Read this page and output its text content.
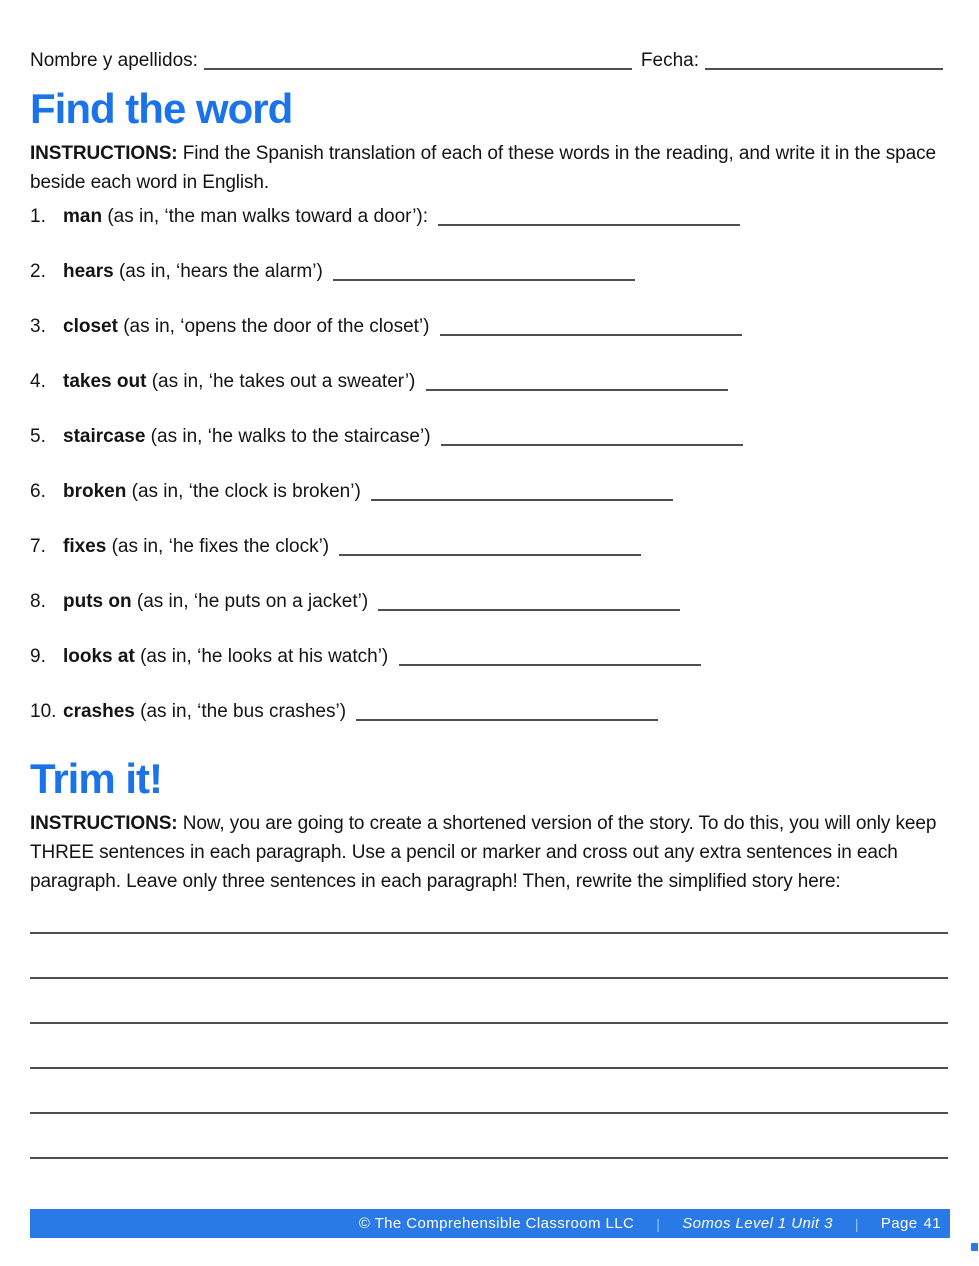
Nombre y apellidos:	Fecha:
Find the word

INSTRUCTIONS: Find the Spanish translation of each of these words in the reading, and write it in the space beside each word in English.

1. man (as in, ‘the man walks toward a door’):
2. hears (as in, ‘hears the alarm’)
3. closet (as in, ‘opens the door of the closet’)
4. takes out (as in, ‘he takes out a sweater’)
5. staircase (as in, ‘he walks to the staircase’)
6. broken (as in, ‘the clock is broken’)
7. fixes (as in, ‘he fixes the clock’)
8. puts on (as in, ‘he puts on a jacket’)
9. looks at (as in, ‘he looks at his watch’)
10. crashes (as in, ‘the bus crashes’)
Trim it!

INSTRUCTIONS: Now, you are going to create a shortened version of the story. To do this, you will only keep THREE sentences in each paragraph. Use a pencil or marker and cross out any extra sentences in each paragraph. Leave only three sentences in each paragraph! Then, rewrite the simplified story here:

© The Comprehensible Classroom LLC | Somos Level 1 Unit 3 | Page 41
